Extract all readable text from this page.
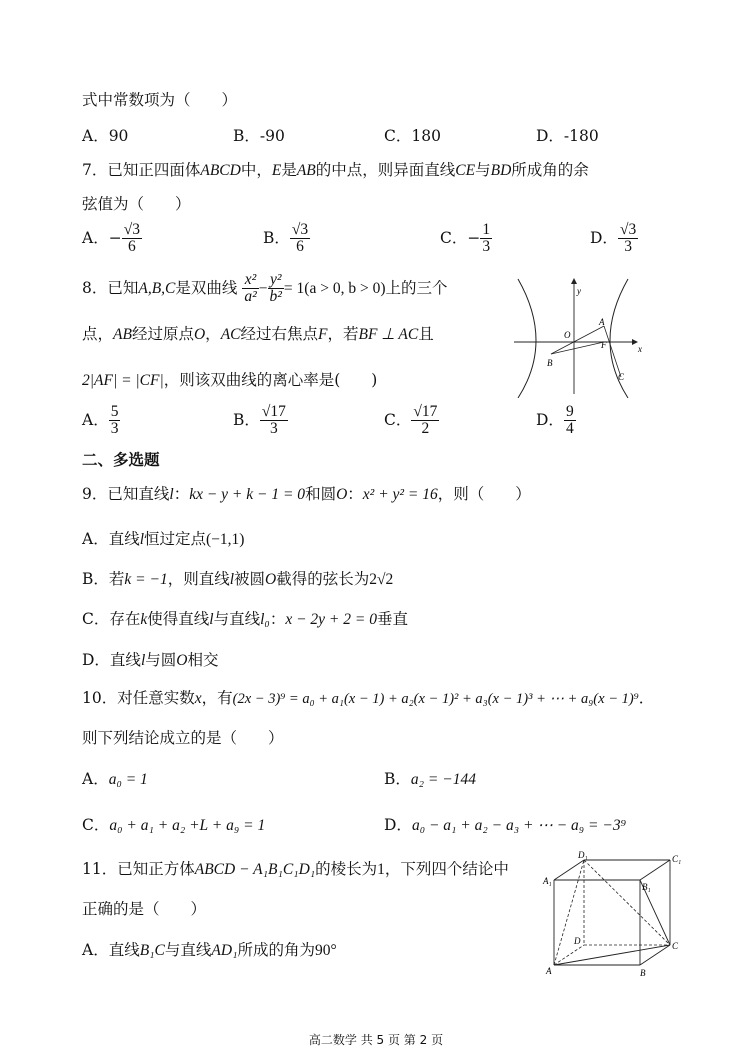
式中常数项为（　　）
A．90	B．-90	C．180	D．-180
7．已知正四面体ABCD中，E是AB的中点，则异面直线CE与BD所成角的余
弦值为（　　）
A．− $\frac{√3}{6}$	B． $\frac{√3}{6}$	C．− $\frac{1}{3}$	D． $\frac{√3}{3}$
8．已知A,B,C是双曲线 $\frac{\text{x²}}{\text{a²}} - \frac{\text{y²}}{\text{b²}} = 1(a > 0$, b > 0)上的三个
点，AB经过原点O，AC经过右焦点F，若BF ⊥ AC且
2|AF| = |CF|，则该双曲线的离心率是(　　)
A． $\frac{5}{3}$	B． $\frac{√17}{3}$	C． $\frac{√17}{2}$	D． $\frac{9}{4}$
y
x
O
A
B
F
C
二、多选题
9．已知直线l：kx − y + k − 1 = 0和圆O：x² + y² = 16，则（　　）
A．直线l恒过定点(−1,1)
B．若k = −1，则直线l被圆O截得的弦长为2√2
C．存在k使得直线l与直线l₀：x − 2y + 2 = 0垂直
D．直线l与圆O相交
10．对任意实数x，有(2x − 3)⁹ = a₀ + a₁(x − 1) + a₂(x − 1)² + a₃(x − 1)³ + ⋯ + a₉(x − 1)⁹．
则下列结论成立的是（　　）
A．a₀ = 1	B．a₂ = −144
C．a₀ + a₁ + a₂ +L + a₉ = 1	D．a₀ − a₁ + a₂ − a₃ + ⋯ − a₉ = −3⁹
11．已知正方体ABCD − A₁B₁C₁D₁的棱长为1，下列四个结论中
正确的是（　　）
A．直线B₁C与直线AD₁所成的角为90°
D₁	C₁
A₁
B₁
D	C
A	B
高二数学 共 5 页 第 2 页
